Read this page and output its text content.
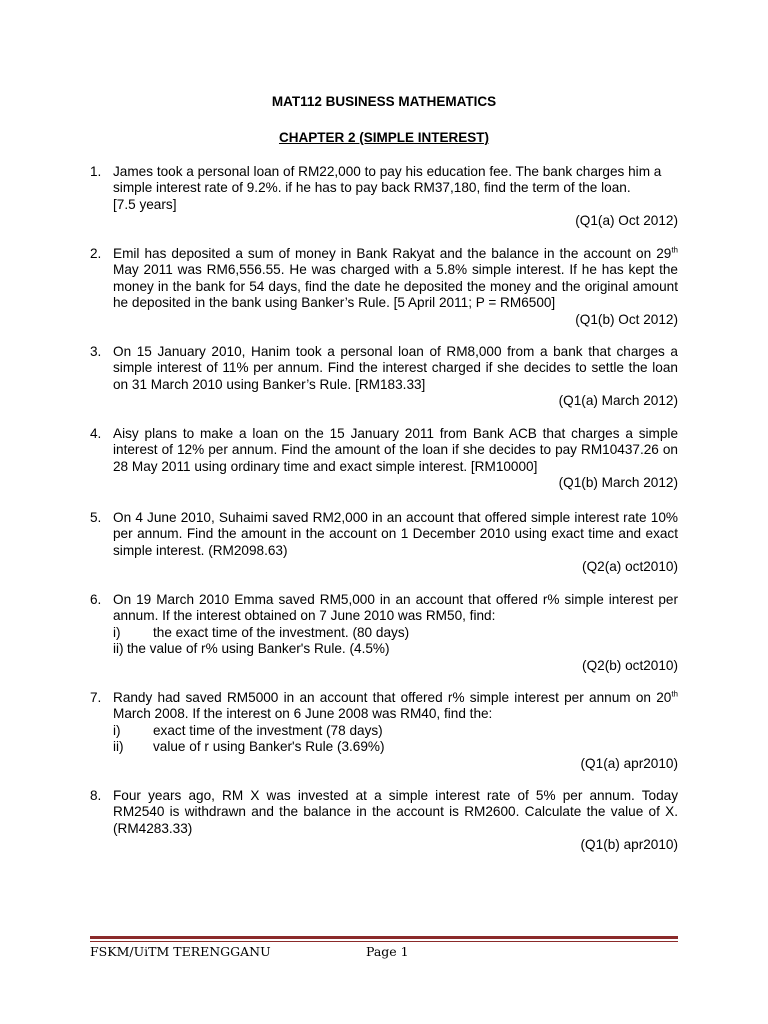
MAT112 BUSINESS MATHEMATICS
CHAPTER 2 (SIMPLE INTEREST)
1. James took a personal loan of RM22,000 to pay his education fee. The bank charges him a
simple interest rate of 9.2%. if he has to pay back RM37,180, find the term of the loan.
[7.5 years]
(Q1(a) Oct 2012)
2. Emil has deposited a sum of money in Bank Rakyat and the balance in the account on 29th May 2011 was RM6,556.55. He was charged with a 5.8% simple interest. If he has kept the money in the bank for 54 days, find the date he deposited the money and the original amount he deposited in the bank using Banker’s Rule. [5 April 2011; P = RM6500]
(Q1(b) Oct 2012)
3. On 15 January 2010, Hanim took a personal loan of RM8,000 from a bank that charges a simple interest of 11% per annum. Find the interest charged if she decides to settle the loan on 31 March 2010 using Banker’s Rule. [RM183.33]
(Q1(a) March 2012)
4. Aisy plans to make a loan on the 15 January 2011 from Bank ACB that charges a simple interest of 12% per annum. Find the amount of the loan if she decides to pay RM10437.26 on 28 May 2011 using ordinary time and exact simple interest. [RM10000]
(Q1(b) March 2012)
5. On 4 June 2010, Suhaimi saved RM2,000 in an account that offered simple interest rate 10% per annum. Find the amount in the account on 1 December 2010 using exact time and exact simple interest. (RM2098.63)
(Q2(a) oct2010)
6. On 19 March 2010 Emma saved RM5,000 in an account that offered r% simple interest per annum. If the interest obtained on 7 June 2010 was RM50, find:
i)	the exact time of the investment. (80 days)
ii) the value of r% using Banker's Rule. (4.5%)
(Q2(b) oct2010)
7. Randy had saved RM5000 in an account that offered r% simple interest per annum on 20th March 2008. If the interest on 6 June 2008 was RM40, find the:
i)	exact time of the investment (78 days)
ii)	value of r using Banker's Rule (3.69%)
(Q1(a) apr2010)
8. Four years ago, RM X was invested at a simple interest rate of 5% per annum. Today RM2540 is withdrawn and the balance in the account is RM2600. Calculate the value of X. (RM4283.33)
(Q1(b) apr2010)
FSKM/UiTM TERENGGANU	Page 1
